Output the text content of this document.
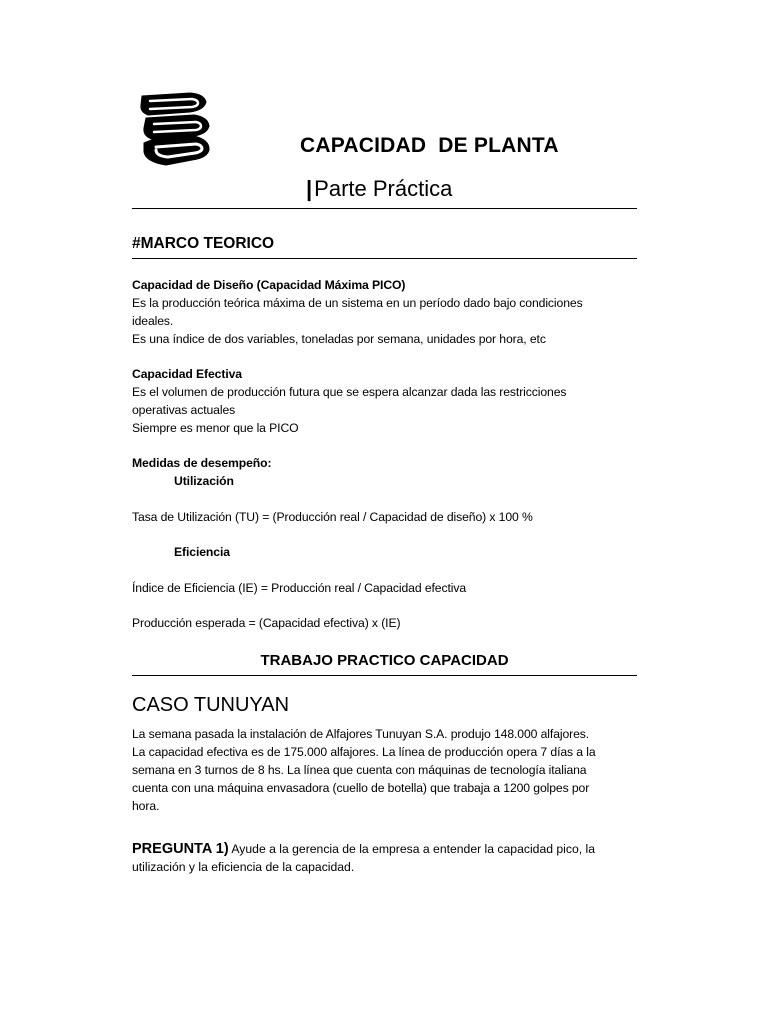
CAPACIDAD  DE PLANTA
|Parte Práctica
#MARCO TEORICO
Capacidad de Diseño (Capacidad Máxima PICO)
Es la producción teórica máxima de un sistema en un período dado bajo condiciones
ideales.
Es una índice de dos variables, toneladas por semana, unidades por hora, etc
Capacidad Efectiva
Es el volumen de producción futura que se espera alcanzar dada las restricciones
operativas actuales
Siempre es menor que la PICO
Medidas de desempeño:
Utilización
Tasa de Utilización (TU) = (Producción real / Capacidad de diseño) x 100 %
Eficiencia
Índice de Eficiencia (IE) = Producción real / Capacidad efectiva
Producción esperada = (Capacidad efectiva) x (IE)
TRABAJO PRACTICO CAPACIDAD
CASO TUNUYAN
La semana pasada la instalación de Alfajores Tunuyan S.A. produjo 148.000 alfajores.
La capacidad efectiva es de 175.000 alfajores. La línea de producción opera 7 días a la
semana en 3 turnos de 8 hs. La línea que cuenta con máquinas de tecnología italiana
cuenta con una máquina envasadora (cuello de botella) que trabaja a 1200 golpes por
hora.
PREGUNTA 1) Ayude a la gerencia de la empresa a entender la capacidad pico, la
utilización y la eficiencia de la capacidad.
